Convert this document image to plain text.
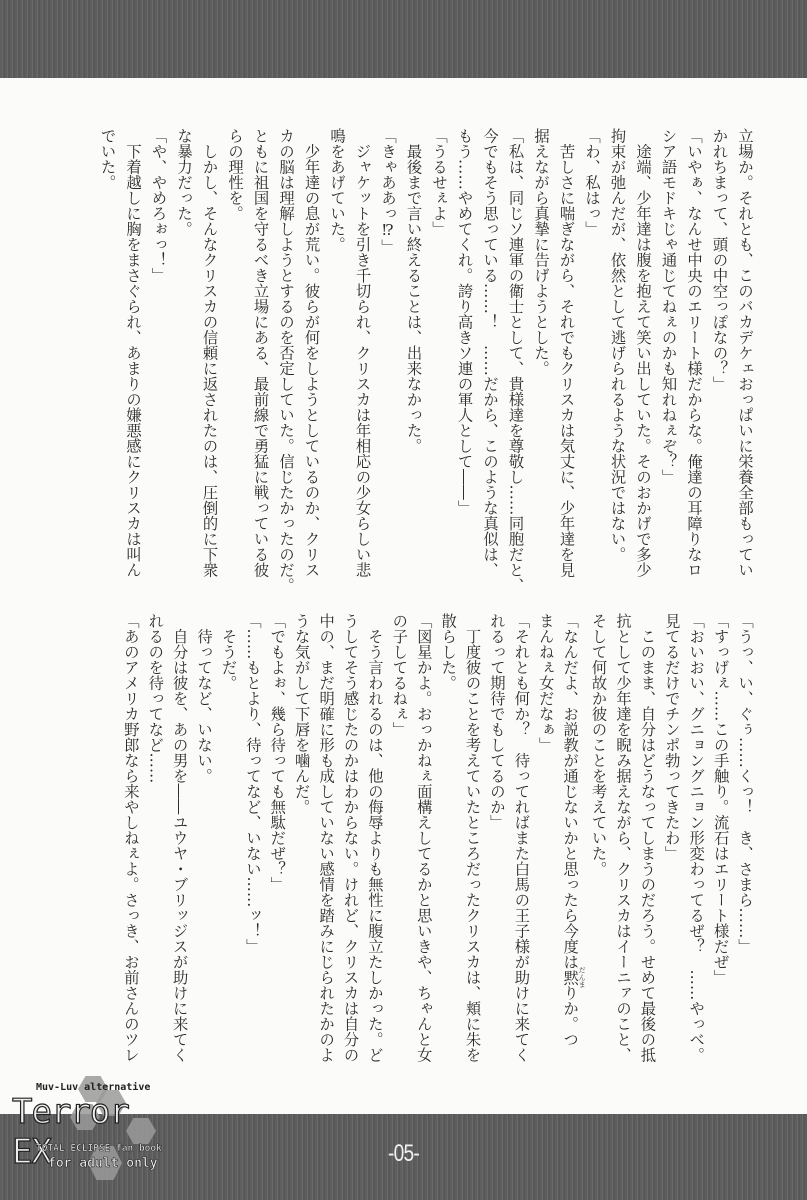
立場か。それとも、このバカデケェおっぱいに栄養全部もってい
かれちまって、頭の中空っぽなの？」
「いやぁ、なんせ中央のエリート様だからな。俺達の耳障りなロ
シア語モドキじゃ通じてねぇのかも知れねぇぞ？」
　途端、少年達は腹を抱えて笑い出していた。そのおかげで多少
拘束が弛んだが、依然として逃げられるような状況ではない。
「わ、私はっ」
　苦しさに喘ぎながら、それでもクリスカは気丈に、少年達を見
据えながら真摯に告げようとした。
「私は、同じソ連軍の衛士として、貴様達を尊敬し……同胞だと、
今でもそう思っている……！　……だから、このような真似は、
もう……やめてくれ。誇り高きソ連の軍人として――」
「うるせぇよ」
　最後まで言い終えることは、出来なかった。
「きゃああっ⁉」
　ジャケットを引き千切られ、クリスカは年相応の少女らしい悲
鳴をあげていた。
　少年達の息が荒い。彼らが何をしようとしているのか、クリス
カの脳は理解しようとするのを否定していた。信じたかったのだ。
ともに祖国を守るべき立場にある、最前線で勇猛に戦っている彼
らの理性を。
　しかし、そんなクリスカの信頼に返されたのは、圧倒的に下衆
な暴力だった。
「や、やめろぉっ！」
　下着越しに胸をまさぐられ、あまりの嫌悪感にクリスカは叫ん
でいた。
「うっ、い、ぐぅ……くっ！　き、さまら……」
「すっげぇ……この手触り。流石はエリート様だぜ」
「おいおい、グニョングニョン形変わってるぜ？　……やっべ。
見てるだけでチンポ勃ってきたわ」
　このまま、自分はどうなってしまうのだろう。せめて最後の抵
抗として少年達を睨み据えながら、クリスカはイーニァのこと、
そして何故か彼のことを考えていた。
「なんだよ、お説教が通じないかと思ったら今度は黙 だんまりか。つ
まんねぇ女だなぁ」
「それとも何か？　待ってればまた白馬の王子様が助けに来てく
れるって期待でもしてるのか」
　丁度彼のことを考えていたところだったクリスカは、頬に朱を
散らした。
「図星かよ。おっかねぇ面構えしてるかと思いきや、ちゃんと女
の子してるねぇ」
　そう言われるのは、他の侮辱よりも無性に腹立たしかった。ど
うしてそう感じたのかはわからない。けれど、クリスカは自分の
中の、まだ明確に形も成していない感情を踏みにじられたかのよ
うな気がして下唇を噛んだ。
「でもよぉ、幾ら待っても無駄だぜ？」
「……もとより、待ってなど、いない……ッ！」
　そうだ。
　待ってなど、いない。
　自分は彼を、あの男を――ユウヤ・ブリッジスが助けに来てく
れるのを待ってなど……
「あのアメリカ野郎なら来やしねぇよ。さっき、お前さんのツレ
Muv-Luv alternative
Terror EX
TOTAL ECLIPSE fan book
for adult only	-05-
